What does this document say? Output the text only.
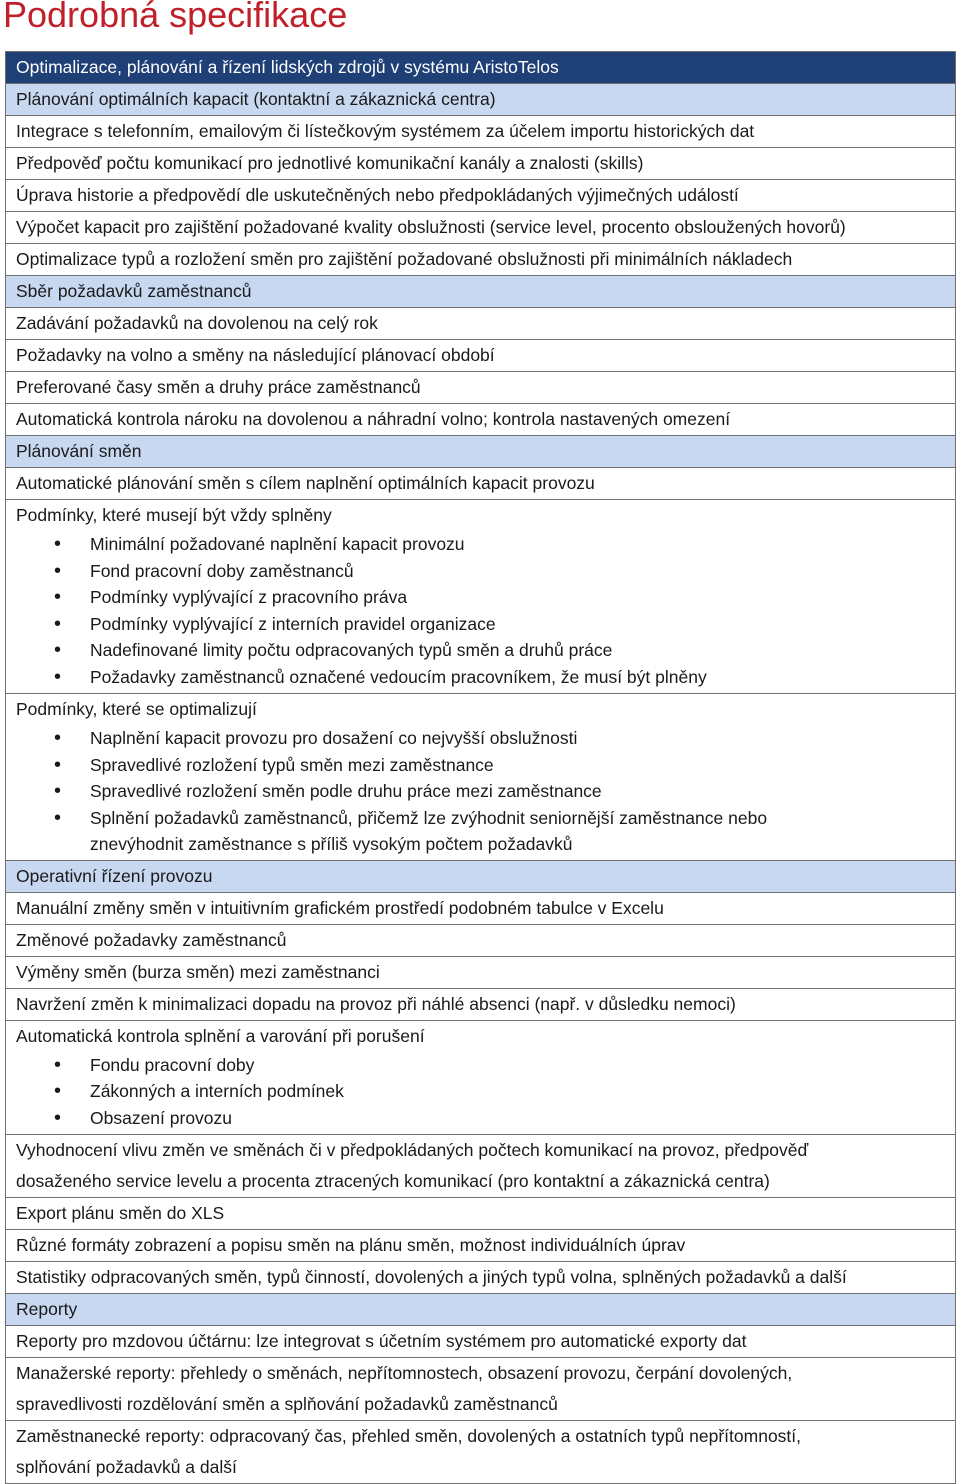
Podrobná specifikace
Optimalizace, plánování a řízení lidských zdrojů v systému AristoTelos
Plánování optimálních kapacit (kontaktní a zákaznická centra)
Integrace s telefonním, emailovým či lístečkovým systémem za účelem importu historických dat
Předpověď počtu komunikací pro jednotlivé komunikační kanály a znalosti (skills)
Úprava historie a předpovědí dle uskutečněných nebo předpokládaných výjimečných událostí
Výpočet kapacit pro zajištění požadované kvality obslužnosti (service level, procento obsloužených hovorů)
Optimalizace typů a rozložení směn pro zajištění požadované obslužnosti při minimálních nákladech
Sběr požadavků zaměstnanců
Zadávání požadavků na dovolenou na celý rok
Požadavky na volno a směny na následující plánovací období
Preferované časy směn a druhy práce zaměstnanců
Automatická kontrola nároku na dovolenou a náhradní volno; kontrola nastavených omezení
Plánování směn
Automatické plánování směn s cílem naplnění optimálních kapacit provozu

Podmínky, které musejí být vždy splněny
• Minimální požadované naplnění kapacit provozu
• Fond pracovní doby zaměstnanců
• Podmínky vyplývající z pracovního práva
• Podmínky vyplývající z interních pravidel organizace
• Nadefinované limity počtu odpracovaných typů směn a druhů práce
• Požadavky zaměstnanců označené vedoucím pracovníkem, že musí být plněny

Podmínky, které se optimalizují
• Naplnění kapacit provozu pro dosažení co nejvyšší obslužnosti
• Spravedlivé rozložení typů směn mezi zaměstnance
• Spravedlivé rozložení směn podle druhu práce mezi zaměstnance
• Splnění požadavků zaměstnanců, přičemž lze zvýhodnit seniornější zaměstnance nebo
znevýhodnit zaměstnance s příliš vysokým počtem požadavků

Operativní řízení provozu
Manuální změny směn v intuitivním grafickém prostředí podobném tabulce v Excelu
Změnové požadavky zaměstnanců
Výměny směn (burza směn) mezi zaměstnanci
Navržení změn k minimalizaci dopadu na provoz při náhlé absenci (např. v důsledku nemoci)

Automatická kontrola splnění a varování při porušení
• Fondu pracovní doby
• Zákonných a interních podmínek
• Obsazení provozu

Vyhodnocení vlivu změn ve směnách či v předpokládaných počtech komunikací na provoz, předpověď
dosaženého service levelu a procenta ztracených komunikací (pro kontaktní a zákaznická centra)

Export plánu směn do XLS
Různé formáty zobrazení a popisu směn na plánu směn, možnost individuálních úprav
Statistiky odpracovaných směn, typů činností, dovolených a jiných typů volna, splněných požadavků a další
Reporty
Reporty pro mzdovou účtárnu: lze integrovat s účetním systémem pro automatické exporty dat

Manažerské reporty: přehledy o směnách, nepřítomnostech, obsazení provozu, čerpání dovolených,
spravedlivosti rozdělování směn a splňování požadavků zaměstnanců

Zaměstnanecké reporty: odpracovaný čas, přehled směn, dovolených a ostatních typů nepřítomností,
splňování požadavků a další
